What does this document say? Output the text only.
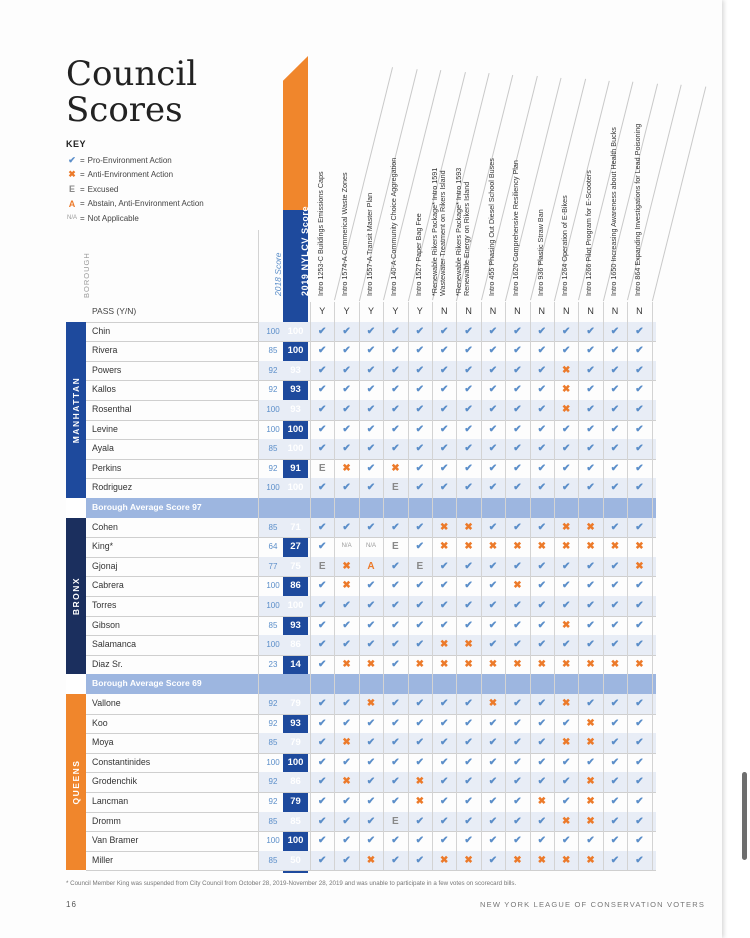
Council
Scores
KEY
✔ = Pro-Environment Action
✖ = Anti-Environment Action
E = Excused
A = Abstain, Anti-Environment Action
N/A = Not Applicable
BOROUGH	2018 Score 2019 NYLCV Score Intro 1253-C Buildings Emissions Caps Intro 1574-A Commerical Waste Zones Intro 1557-A Transit Master Plan Intro 140-A Community Choice Aggregation Intro 1527 Paper Bag Fee *Renewable Rikers Package* Intro 1591
Wastewater Treatment on Rikers Island
*Renewable Rikers Package* Intro 1593
Renewable Energy on Rikers Island Intro 455 Phasing Out Diesel School Buses Intro 1620 Comprehensive Resiliency Plan Intro 936 Plastic Straw Ban Intro 1264 Operation of E-Bikes Intro 1266 Pilot Program for E-Scooters Intro 1650 Increasing Awareness about Health Bucks Intro 864 Expanding Investigations for Lead Poisoning
PASS (Y/N)	Y	Y	Y	Y	Y	N	N	N	N	N	N	N	N	N
Chin	100 100	✔	✔	✔	✔	✔	✔	✔	✔	✔	✔	✔	✔	✔	✔
Rivera	85	100	✔	✔	✔	✔	✔	✔	✔	✔	✔	✔	✔	✔	✔	✔
Powers	92	93	✔	✔	✔	✔	✔	✔	✔	✔	✔	✔	✖	✔	✔	✔
Kallos	92	93	✔	✔	✔	✔	✔	✔	✔	✔	✔	✔	✖	✔	✔	✔
Rosenthal	100	93	✔	✔	✔	✔	✔	✔	✔	✔	✔	✔	✖	✔	✔	✔
Levine	100 100	✔	✔	✔	✔	✔	✔	✔	✔	✔	✔	✔	✔	✔	✔
Ayala	85	100	✔	✔	✔	✔	✔	✔	✔	✔	✔	✔	✔	✔	✔	✔
Perkins	92	91	E	✖	✔	✖	✔	✔	✔	✔	✔	✔	✔	✔	✔	✔
Rodriguez	100 100	✔	✔	✔	E	✔	✔	✔	✔	✔	✔	✔	✔	✔	✔
MANHATTAN
Borough Average Score 97
Cohen	85	71	✔	✔	✔	✔	✔	✖	✖	✔	✔	✔	✖	✖	✔	✔
King*	64	27	✔	N/A	N/A	E	✔	✖	✖	✖	✖	✖	✖	✖	✖	✖
Gjonaj	77	75	E	✖	A	✔	E	✔	✔	✔	✔	✔	✔	✔	✔	✖
Cabrera	100	86	✔	✖	✔	✔	✔	✔	✔	✔	✖	✔	✔	✔	✔	✔
Torres	100 100	✔	✔	✔	✔	✔	✔	✔	✔	✔	✔	✔	✔	✔	✔
Gibson	85	93	✔	✔	✔	✔	✔	✔	✔	✔	✔	✔	✖	✔	✔	✔
Salamanca	100	86	✔	✔	✔	✔	✔	✖	✖	✔	✔	✔	✔	✔	✔	✔
Diaz Sr.	23	14	✔	✖	✖	✔	✖	✖	✖	✖	✖	✖	✖	✖	✖	✖
BRONX
Borough Average Score 69
Vallone	92	79	✔	✔	✖	✔	✔	✔	✔	✖	✔	✔	✖	✔	✔	✔
Koo	92	93	✔	✔	✔	✔	✔	✔	✔	✔	✔	✔	✔	✖	✔	✔
Moya	85	79	✔	✖	✔	✔	✔	✔	✔	✔	✔	✔	✖	✖	✔	✔
Constantinides	100 100	✔	✔	✔	✔	✔	✔	✔	✔	✔	✔	✔	✔	✔	✔
Grodenchik	92	86	✔	✖	✔	✔	✖	✔	✔	✔	✔	✔	✔	✖	✔	✔
Lancman	92	79	✔	✔	✔	✔	✖	✔	✔	✔	✔	✖	✔	✖	✔	✔
Dromm	85	85	✔	✔	✔	E	✔	✔	✔	✔	✔	✔	✖	✖	✔	✔
Van Bramer	100 100	✔	✔	✔	✔	✔	✔	✔	✔	✔	✔	✔	✔	✔	✔
Miller	85	50	✔	✔	✖	✔	✔	✖	✖	✔	✖	✖	✖	✖	✔	✔
QUEENS
* Council Member King was suspended from City Council from October 28, 2019-November 28, 2019 and was unable to participate in a few votes on scorecard bills.
16	NEW YORK LEAGUE OF CONSERVATION VOTERS
